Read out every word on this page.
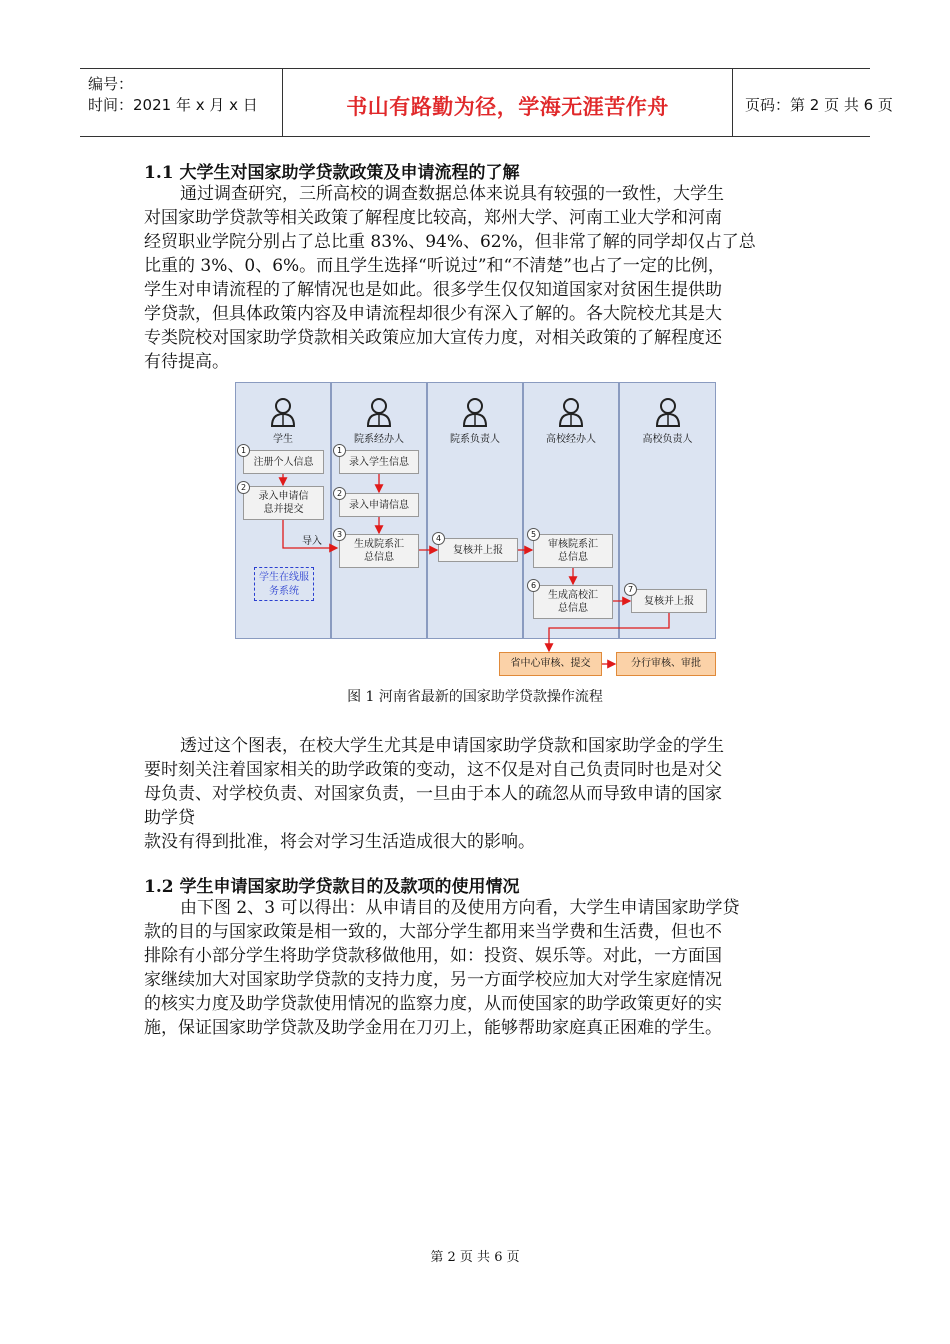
编号：
时间：2021 年 x 月 x 日	书山有路勤为径，学海无涯苦作舟	页码：第 2 页 共 6 页
1.1 大学生对国家助学贷款政策及申请流程的了解
通过调查研究，三所高校的调查数据总体来说具有较强的一致性，大学生
对国家助学贷款等相关政策了解程度比较高，郑州大学、河南工业大学和河南
经贸职业学院分别占了总比重 83%、94%、62%，但非常了解的同学却仅占了总
比重的 3%、0、6%。而且学生选择“听说过”和“不清楚”也占了一定的比例，
学生对申请流程的了解情况也是如此。很多学生仅仅知道国家对贫困生提供助
学贷款，但具体政策内容及申请流程却很少有深入了解的。各大院校尤其是大
专类院校对国家助学贷款相关政策应加大宣传力度，对相关政策的了解程度还
有待提高。
学生
学生在线服务系统
院系经办人	院系负责人	高校经办人	高校负责人
注册个人信息
录入申请信息并提交
录入学生信息
录入申请信息
生成院系汇总信息
复核并上报	审核院系汇总信息
生成高校汇总信息
复核并上报
1
2
1
2
3	4	5
6	7
导入
省中心审核、提交	分行审核、审批
图 1 河南省最新的国家助学贷款操作流程
透过这个图表，在校大学生尤其是申请国家助学贷款和国家助学金的学生
要时刻关注着国家相关的助学政策的变动，这不仅是对自己负责同时也是对父
母负责、对学校负责、对国家负责，一旦由于本人的疏忽从而导致申请的国家
助学贷
款没有得到批准，将会对学习生活造成很大的影响。
1.2 学生申请国家助学贷款目的及款项的使用情况
由下图 2、3 可以得出：从申请目的及使用方向看，大学生申请国家助学贷
款的目的与国家政策是相一致的，大部分学生都用来当学费和生活费，但也不
排除有小部分学生将助学贷款移做他用，如：投资、娱乐等。对此，一方面国
家继续加大对国家助学贷款的支持力度，另一方面学校应加大对学生家庭情况
的核实力度及助学贷款使用情况的监察力度，从而使国家的助学政策更好的实
施，保证国家助学贷款及助学金用在刀刃上，能够帮助家庭真正困难的学生。
第 2 页 共 6 页
